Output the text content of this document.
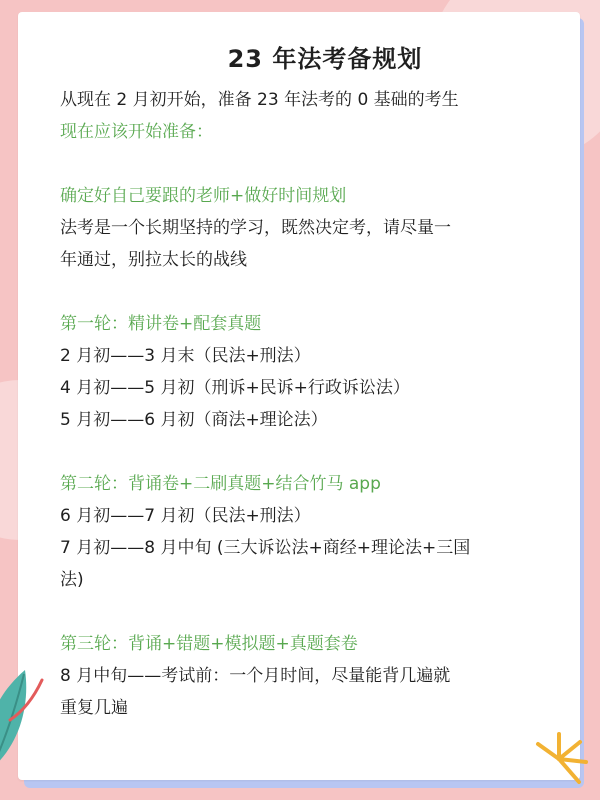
23 年法考备规划

从现在 2 月初开始，准备 23 年法考的 0 基础的考生

现在应该开始准备：

确定好自己要跟的老师+做好时间规划

法考是一个长期坚持的学习，既然决定考，请尽量一

年通过，别拉太长的战线

第一轮：精讲卷+配套真题

2 月初——3 月末（民法+刑法）

4 月初——5 月初（刑诉+民诉+行政诉讼法）

5 月初——6 月初（商法+理论法）

第二轮：背诵卷+二刷真题+结合竹马 app

6 月初——7 月初（民法+刑法）

7 月初——8 月中旬 (三大诉讼法+商经+理论法+三国

法)

第三轮：背诵+错题+模拟题+真题套卷

8 月中旬——考试前：一个月时间，尽量能背几遍就

重复几遍
